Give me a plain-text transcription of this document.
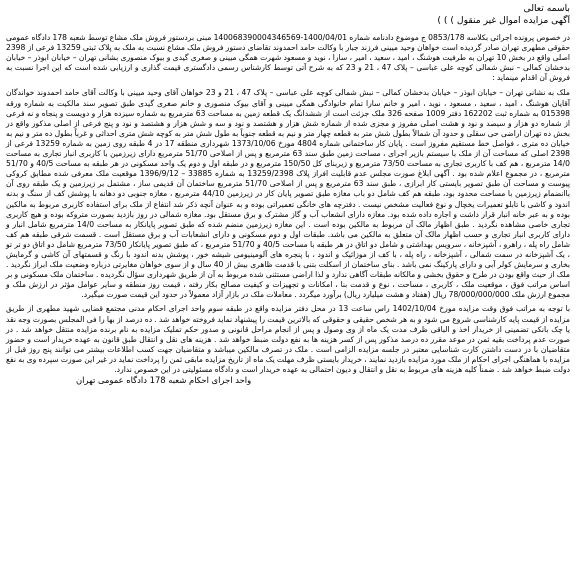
باسمه تعالی
آگهی مزایده اموال غیر منقول ) ) )

در خصوص پرونده اجرائی بکلاسه 0853/178 ج موضوع دادنامه شماره 1400/04/01-140068390004346569 مبنی بردستور فروش ملک مشاع توسط شعبه 178 دادگاه عمومی حقوقی مطهری تهران صادر گردیده است خواهان وحید میینی فرزند جبار با وکالت حامد احمدوند تقاضای دستور فروش ملک مشاع نسبت به ملک به پلاک ثبتی 13259 فرعی از 2398 اصلی واقع در بخش 10 تهران به طرفیت هوشنگ ، امید ، سعید ، امیر ، سارا ، نوید و مسعود شهرت همگی میینی و صغری گیدی و بیوک منصوری بشانی تهران – خیابان ابوذر – خیابان بدخشان کمالی – نبش شمالی کوچه علی عباسی – پلاک 47 ، 21 و 23 که به شرح آتی توسط کارشناس رسمی دادگستری قیمت گذاری و ارزیابی شده است که این اجرا نسبت به فروش آن اقدام مینماید :

ملک به نشانی تهران – خیابان ابوذر – خیابان بدخشان کمالی – نبش شمالی کوچه علی عباسی – پلاک 47 ، 21 و 23 خواهان آقای وحید میینی با وکالت آقای حامد احمدوند خواندگان آقایان هوشنگ ، امید ، سعید ، مسعود ، نوید ، امیر و خانم سارا تمام خانوادگی همگی میینی و آقای بیوک منصوری و خانم صغری گیدی طبق تصویر سند مالکیت به شماره ورقه 015398 به شماره ثبت 162202 دفتر 1009 صفحه 326 ملک جزئت است از ششدانگ یک قطعه زمین به مساحت 63 مترمربع به شماره سیزده هزار و دویست و پنجاه و نه فرعی از شماره دو هزار و سیصد و نود و هشت اصلی مفروز و مجزی شده از شماره شش هزار و هشتصد و نود و سه و شش هزار و هشتصد و نود و پنج فرعی از اصلی مذکور واقع در بخش ده تهران اراضی حی سقلی و حدود آن شمالاً بطول شش متر به قطعه چهار متر و نیم به قطعه جنوباً به طول شش متر به کوچه شش متری احداثی و غرباً بطول ده متر و نیم به خیابان ده متری ، فواصل خط مستقیم مفروز است . پایان کار ساختمانی شماره 4804 مورخ 1373/10/06 شهرداری منطقه 17 در 4 طبقه روی زمین به شماره 13259 فرعی از 2398 اصلی که مساحت آن از ملک با سیستم بازیر اجرای ، مساحت زمین طبق سند 63 مترمربع و پس از اصلاحی 51/70 مترمربع دارای زیرزمین با کاربری انبار تجاری به مساحت 14/0 مترمربع ، هم کف با کاربری تجاری به مساحت 73/50 مترمربع و زیربنای کل 150/50 مترمربع و در طبقه اول و دوم یک واحد مسکونی در هر طبقه به مساحت 40/5 و 51/70 مترمربع ، در مجموع اعلام شده بود . آگهی ابلاغ صورت مجلس عدم قابلیت افراز پلاک 13259/2398 به شماره 33885 – 1396/9/12 موقعیت ملک معرفی شده مطابق کروکی پیوست و مساحت آن طبق تصویر بایستی کار ابرازی ، طبق سند 63 مترمربع و پس از اصلاحی 51/70 مترمربع ساختمان آن قدیمی ساز ، مشتمل بر زیرزمین و یک طبقه روی آن باانضمام زیرزمین با مساحت محدود بود، طبقه هم کف شامل دو باب مغازه طبق تصویر پایان کار در زیرزمین 44/10 مترمربع ، مغازه جنوبی دو دهانه با پوشش کف از سنگ و بدنه اندود و کاشی با تابلو تعمیرات یخچال و نوع فعالیت مشخص نیست . دفترچه های خانگی تعمیراتی بوده و به عنوان آنچه ذکر شد انتفاع از ملک برای استفاده کاربری مربوط به مالکین بوده و به عبر خانه انبار قرار داشت و اجاره داده شده بود. مغازه دارای انشعاب آب و گاز مشترک و برق مستقل بود. مغازه شمالی در روز بازدید بصورت متروکه بوده و هیچ کاربری تجاری خاصی مشاهده نگردید . طبق اظهار مالک آن مربوط به مالکین بوده است . این مغازه زیرزمین منضم شده که طبق تصویر پایانکار به مساحت 14/0 مترمربع شامل انبار و دارای کاربری انبار تجاری و حسب اظهار مالک آن متعلق به مالکین می باشد. طبقات اول و دوم مسکونی و دارای انشعابات آب و برق مستقل است . قسمت شرقی طبقه هم کف شامل راه پله ، راهرو ، آشپزخانه ، سرویس بهداشتی و شامل دو اتاق در هر طبقه با مساحت 40/5 و 51/70 مترمربع ، که طبق تصویر پایانکار 73/50 مترمربع شامل دو اتاق دو تر تو ، یک آشپزخانه در سمت شمالی ، آشپزخانه ، راه پله ، با کف از موزائیک و اندود ، با پنجره های آلومینیومی شیشه خور ، پوشش بدنه اندود با رنگ و قسمتهای آن کاشی و گرمایش بخاری و سرمایش کولر آبی و دارای پارکینگ نمی باشد . بنای ساختمان از اسکلت بتنی با قدمت ظاهری بیش از 40 سال و از سوی خواهان مغایرتی درباره وضعیت ملک ابراز نگردید . ملک از حیث واقع بودن در طرح و حقوق بخشی و مالکانه طبقات آگاهی ندارد و لذا اراضی مستثنی شده مربوط به آن از طریق شهرداری سؤال نگردیده . ساختمان ملک مسکونی و بر اساس مراتب فوق ، موقعیت ملک ، کاربری ، مساحت ، نوع و قدمت بنا ، امکانات و تجهیزات و کیفیت مصالح بکار رفته ، قیمت روز منطقه و سایر عوامل مؤثر در ارزش ملک و مجموع ارزش ملک 78/000/000/000 ریال (هفتاد و هشت میلیارد ریال) برآورد میگردد . معاملات ملک در بازار آزاد معمولاً در حدود این قیمت صورت میگیرد.

با توجه به مراتب فوق وقت مزایده مورخ 1402/10/04 راس ساعت 13 در محل دفتر مزایده واقع در طبقه سوم واحد اجرای احکام مدنی مجتمع قضایی شهید مطهری از طریق مزایده از قیمت پایه کارشناسی شروع می شود و به هر شخص حقیقی و حقوقی که بالاترین قیمت را پیشنهاد نماید فروخته خواهد شد . ده درصد از بها را فی المجلس بصورت وجه نقد یا چک بانکی تضمینی از خریدار اخذ و الباقی ظرف مدت یک ماه از وی وصول و پس از انجام مراحل قانونی و صدور حکم تملیک مزایده به نام برنده مزایده منتقل خواهد شد . در صورت عدم پرداخت بقیه ثمن در موعد مقرر ده درصد مذکور پس از کسر هزینه ها به نفع دولت ضبط خواهد شد . هزینه های نقل و انتقال طبق قانون به عهده خریدار است و حضور متقاضیان با در دست داشتن کارت شناسایی معتبر در جلسه مزایده الزامی است . ملک در تصرف مالکین میباشد و متقاضیان جهت کسب اطلاعات بیشتر می توانند پنج روز قبل از مزایده با هماهنگی اجرای احکام از ملک مورد مزایده بازدید نمایند ، خریدار بایستی ظرف مهلت یک ماه از تاریخ مزایده مابقی ثمن را پرداخت نماید در غیر این صورت سپرده وی به نفع دولت ضبط خواهد شد . ضمناً کلیه هزینه های مربوط به نقل و انتقال و دیون احتمالی به عهده خریدار است و دادگاه مسئولیتی در این خصوص ندارد.

واحد اجرای احکام شعبه 178 دادگاه عمومی تهران
